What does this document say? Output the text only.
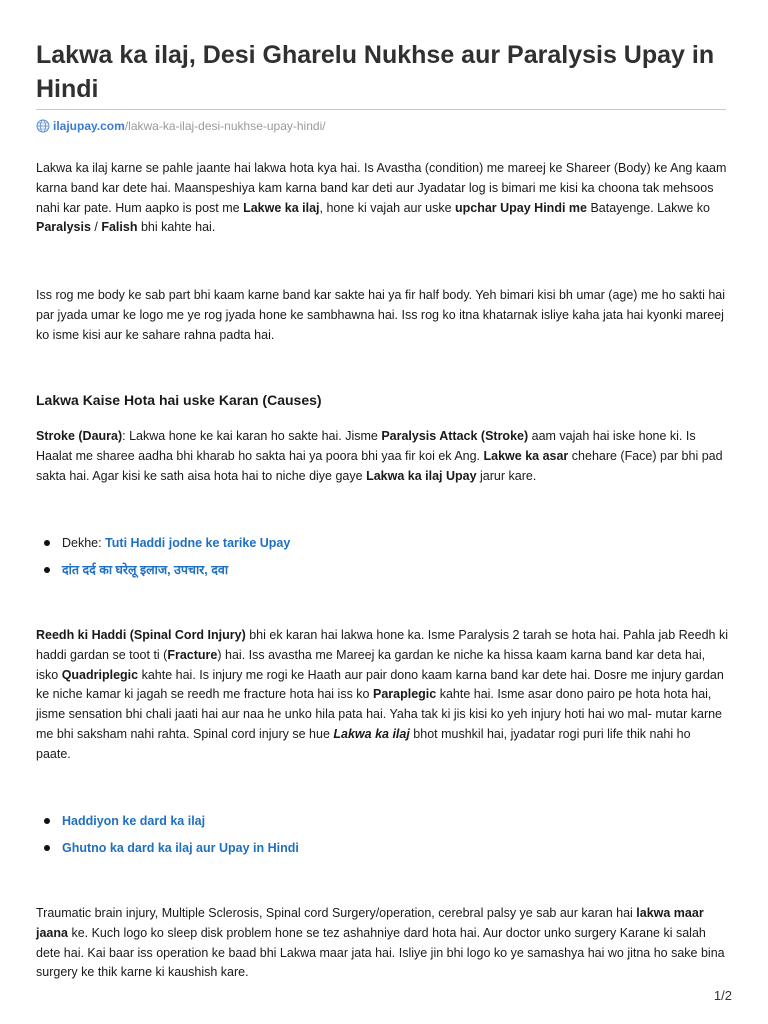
Lakwa ka ilaj, Desi Gharelu Nukhse aur Paralysis Upay in Hindi
ilajupay.com/lakwa-ka-ilaj-desi-nukhse-upay-hindi/

Lakwa ka ilaj karne se pahle jaante hai lakwa hota kya hai. Is Avastha (condition) me mareej ke Shareer (Body) ke Ang kaam karna band kar dete hai. Maanspeshiya kam karna band kar deti aur Jyadatar log is bimari me kisi ka choona tak mehsoos nahi kar pate. Hum aapko is post me Lakwe ka ilaj, hone ki vajah aur uske upchar Upay Hindi me Batayenge. Lakwe ko Paralysis / Falish bhi kahte hai.

Iss rog me body ke sab part bhi kaam karne band kar sakte hai ya fir half body. Yeh bimari kisi bh umar (age) me ho sakti hai par jyada umar ke logo me ye rog jyada hone ke sambhawna hai. Iss rog ko itna khatarnak isliye kaha jata hai kyonki mareej ko isme kisi aur ke sahare rahna padta hai.

Lakwa Kaise Hota hai uske Karan (Causes)

Stroke (Daura): Lakwa hone ke kai karan ho sakte hai. Jisme Paralysis Attack (Stroke) aam vajah hai iske hone ki. Is Haalat me sharee aadha bhi kharab ho sakta hai ya poora bhi yaa fir koi ek Ang. Lakwe ka asar chehare (Face) par bhi pad sakta hai. Agar kisi ke sath aisa hota hai to niche diye gaye Lakwa ka ilaj Upay jarur kare.

Dekhe: Tuti Haddi jodne ke tarike Upay
दांत दर्द का घरेलू इलाज, उपचार, दवा

Reedh ki Haddi (Spinal Cord Injury) bhi ek karan hai lakwa hone ka. Isme Paralysis 2 tarah se hota hai. Pahla jab Reedh ki haddi gardan se toot ti (Fracture) hai. Iss avastha me Mareej ka gardan ke niche ka hissa kaam karna band kar deta hai, isko Quadriplegic kahte hai. Is injury me rogi ke Haath aur pair dono kaam karna band kar dete hai. Dosre me injury gardan ke niche kamar ki jagah se reedh me fracture hota hai iss ko Paraplegic kahte hai. Isme asar dono pairo pe hota hota hai, jisme sensation bhi chali jaati hai aur naa he unko hila pata hai. Yaha tak ki jis kisi ko yeh injury hoti hai wo mal- mutar karne me bhi saksham nahi rahta. Spinal cord injury se hue Lakwa ka ilaj bhot mushkil hai, jyadatar rogi puri life thik nahi ho paate.

Haddiyon ke dard ka ilaj
Ghutno ka dard ka ilaj aur Upay in Hindi

Traumatic brain injury, Multiple Sclerosis, Spinal cord Surgery/operation, cerebral palsy ye sab aur karan hai lakwa maar jaana ke. Kuch logo ko sleep disk problem hone se tez ashahniye dard hota hai. Aur doctor unko surgery Karane ki salah dete hai. Kai baar iss operation ke baad bhi Lakwa maar jata hai. Isliye jin bhi logo ko ye samashya hai wo jitna ho sake bina surgery ke thik karne ki kaushish kare.

1/2
